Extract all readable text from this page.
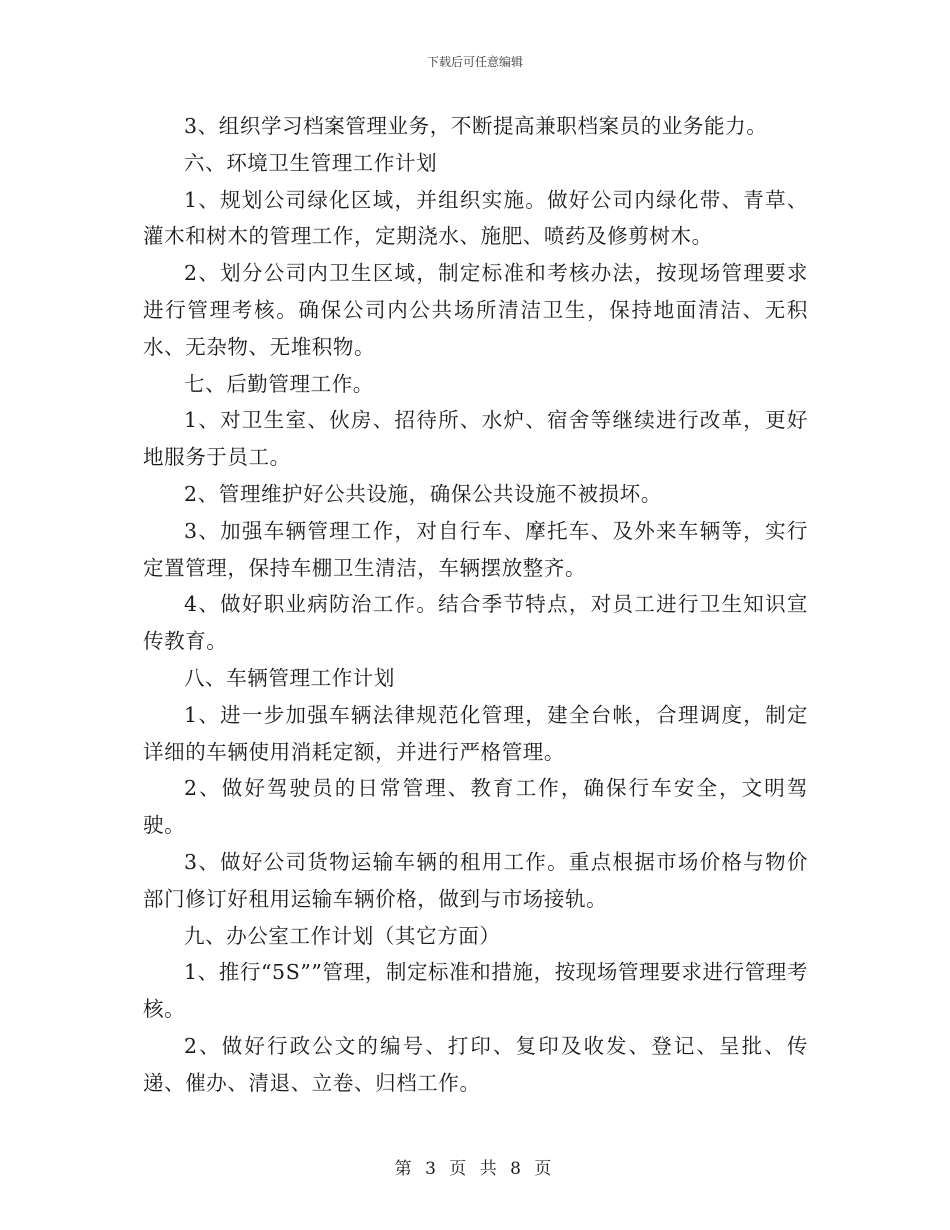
下载后可任意编辑

3、组织学习档案管理业务，不断提高兼职档案员的业务能力。

六、环境卫生管理工作计划

1、规划公司绿化区域，并组织实施。做好公司内绿化带、青草、灌木和树木的管理工作，定期浇水、施肥、喷药及修剪树木。

2、划分公司内卫生区域，制定标准和考核办法，按现场管理要求进行管理考核。确保公司内公共场所清洁卫生，保持地面清洁、无积水、无杂物、无堆积物。

七、后勤管理工作。

1、对卫生室、伙房、招待所、水炉、宿舍等继续进行改革，更好地服务于员工。

2、管理维护好公共设施，确保公共设施不被损坏。

3、加强车辆管理工作，对自行车、摩托车、及外来车辆等，实行定置管理，保持车棚卫生清洁，车辆摆放整齐。

4、做好职业病防治工作。结合季节特点，对员工进行卫生知识宣传教育。

八、车辆管理工作计划

1、进一步加强车辆法律规范化管理，建全台帐，合理调度，制定详细的车辆使用消耗定额，并进行严格管理。

2、做好驾驶员的日常管理、教育工作，确保行车安全，文明驾驶。

3、做好公司货物运输车辆的租用工作。重点根据市场价格与物价部门修订好租用运输车辆价格，做到与市场接轨。

九、办公室工作计划（其它方面）

1、推行“5S””管理，制定标准和措施，按现场管理要求进行管理考核。

2、做好行政公文的编号、打印、复印及收发、登记、呈批、传递、催办、清退、立卷、归档工作。

第 3 页 共 8 页
